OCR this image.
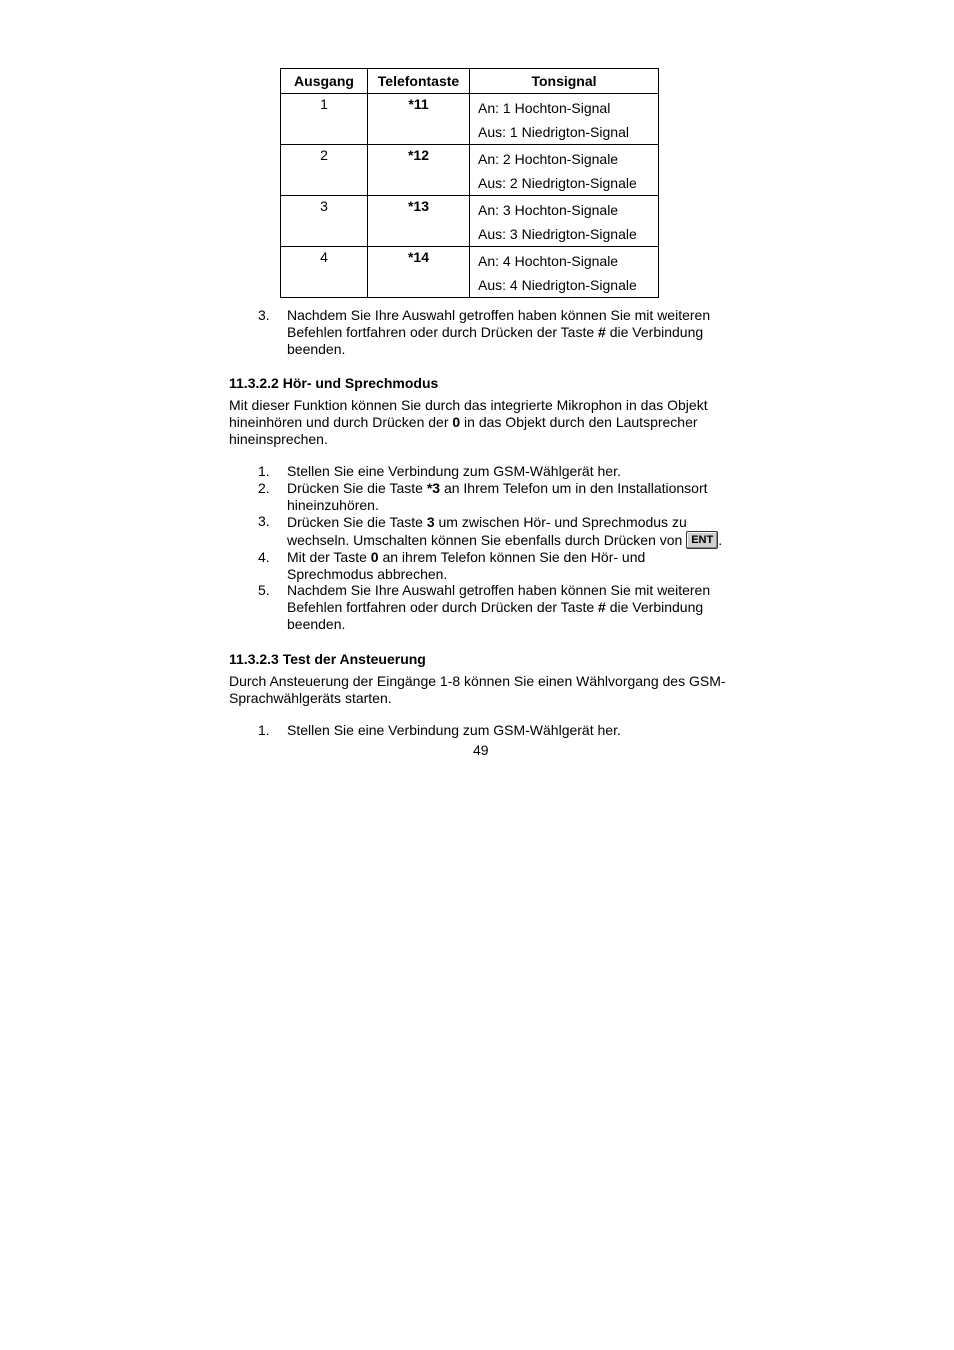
Ausgang	Telefontaste	Tonsignal
1	*11	An: 1 Hochton-Signal
Aus: 1 Niedrigton-Signal

2	*12	An: 2 Hochton-Signale
Aus: 2 Niedrigton-Signale

3	*13	An: 3 Hochton-Signale
Aus: 3 Niedrigton-Signale

4	*14	An: 4 Hochton-Signale
Aus: 4 Niedrigton-Signale
3. Nachdem Sie Ihre Auswahl getroffen haben können Sie mit weiteren Befehlen fortfahren oder durch Drücken der Taste # die Verbindung beenden.
11.3.2.2 Hör- und Sprechmodus
Mit dieser Funktion können Sie durch das integrierte Mikrophon in das Objekt hineinhören und durch Drücken der 0 in das Objekt durch den Lautsprecher hineinsprechen.
1. Stellen Sie eine Verbindung zum GSM-Wählgerät her.
2. Drücken Sie die Taste *3 an Ihrem Telefon um in den Installationsort hineinzuhören.
3. Drücken Sie die Taste 3 um zwischen Hör- und Sprechmodus zu wechseln. Umschalten können Sie ebenfalls durch Drücken von ENT .
4. Mit der Taste 0 an ihrem Telefon können Sie den Hör- und Sprechmodus abbrechen.
5. Nachdem Sie Ihre Auswahl getroffen haben können Sie mit weiteren Befehlen fortfahren oder durch Drücken der Taste # die Verbindung beenden.
11.3.2.3 Test der Ansteuerung
Durch Ansteuerung der Eingänge 1-8 können Sie einen Wählvorgang des GSM-Sprachwählgeräts starten.
1. Stellen Sie eine Verbindung zum GSM-Wählgerät her.
49
